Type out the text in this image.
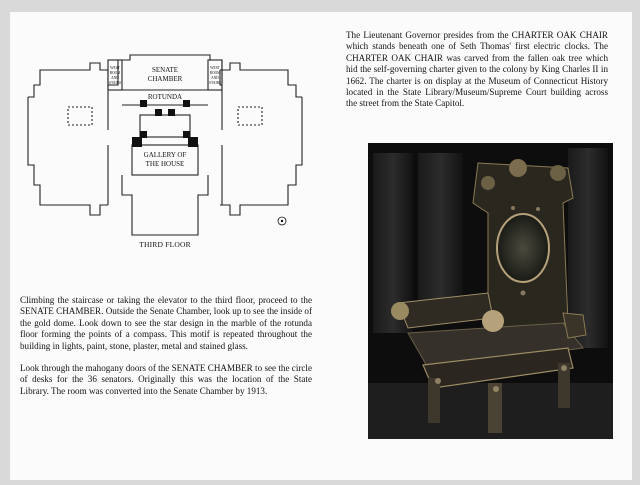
SENATE
CHAMBER
ROTUNDA
GALLERY OF
THE HOUSE
THIRD FLOOR
WEST
ROOM
AND
STAIRS
WEST
ROOM
AND
STAIRS

The Lieutenant Governor presides from the CHARTER OAK CHAIR which stands beneath one of Seth Thomas' first electric clocks. The CHARTER OAK CHAIR was carved from the fallen oak tree which hid the self-governing charter given to the colony by King Charles II in 1662. The charter is on display at the Museum of Connecticut History located in the State Library/Museum/Supreme Court building across the street from the State Capitol.

Climbing the staircase or taking the elevator to the third floor, proceed to the SENATE CHAMBER. Outside the Senate Chamber, look up to see the inside of the gold dome. Look down to see the star design in the marble of the rotunda floor forming the points of a compass. This motif is repeated throughout the building in lights, paint, stone, plaster, metal and stained glass.

Look through the mahogany doors of the SENATE CHAMBER to see the circle of desks for the 36 senators. Originally this was the location of the State Library. The room was converted into the Senate Chamber by 1913.
